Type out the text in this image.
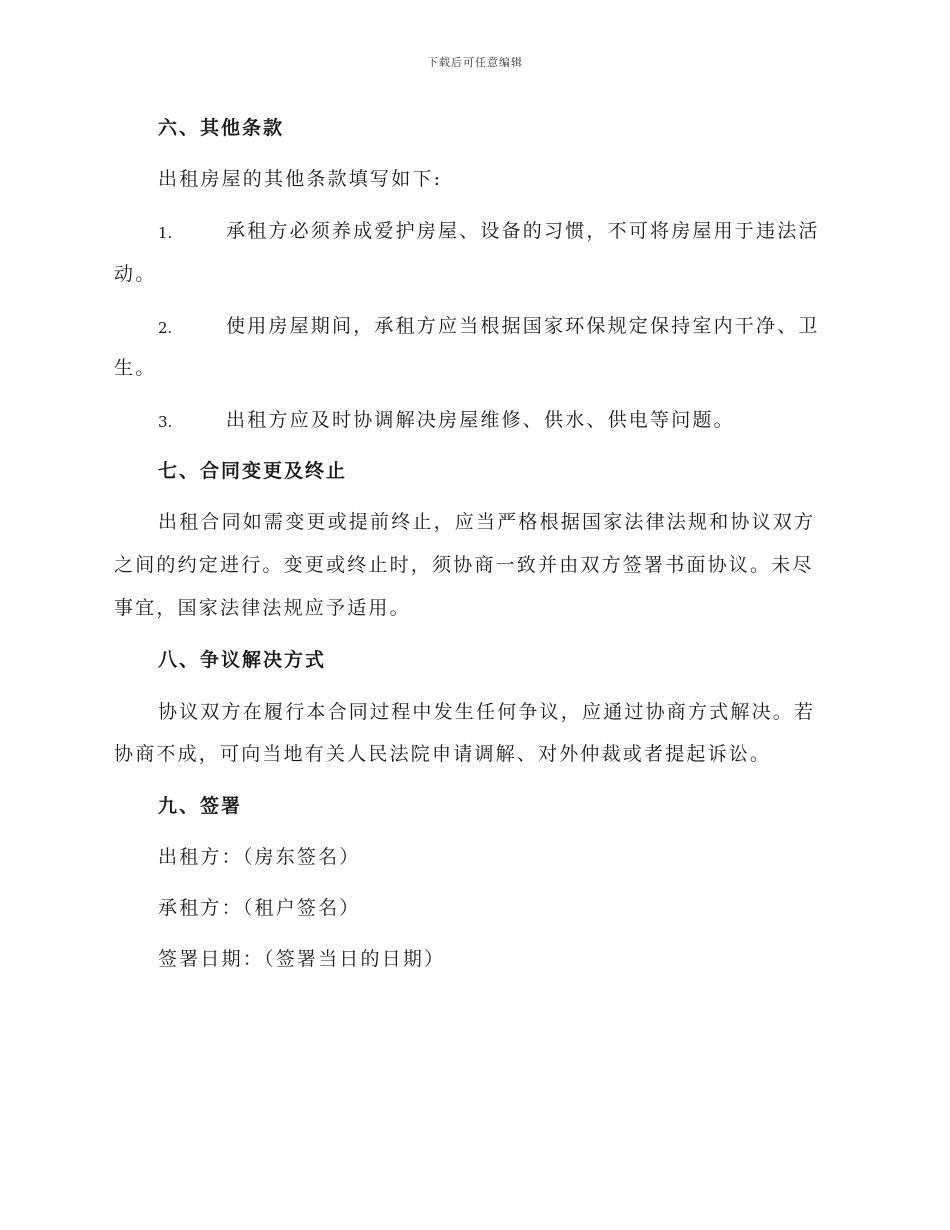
下载后可任意编辑
六、其他条款
出租房屋的其他条款填写如下:
1.	承租方必须养成爱护房屋、设备的习惯，不可将房屋用于违法活
动。
2.	使用房屋期间，承租方应当根据国家环保规定保持室内干净、卫
生。
3.	出租方应及时协调解决房屋维修、供水、供电等问题。
七、合同变更及终止
出租合同如需变更或提前终止，应当严格根据国家法律法规和协议双方
之间的约定进行。变更或终止时，须协商一致并由双方签署书面协议。未尽
事宜，国家法律法规应予适用。
八、争议解决方式
协议双方在履行本合同过程中发生任何争议，应通过协商方式解决。若
协商不成，可向当地有关人民法院申请调解、对外仲裁或者提起诉讼。
九、签署
出租方：（房东签名）
承租方：（租户签名）
签署日期：（签署当日的日期）
